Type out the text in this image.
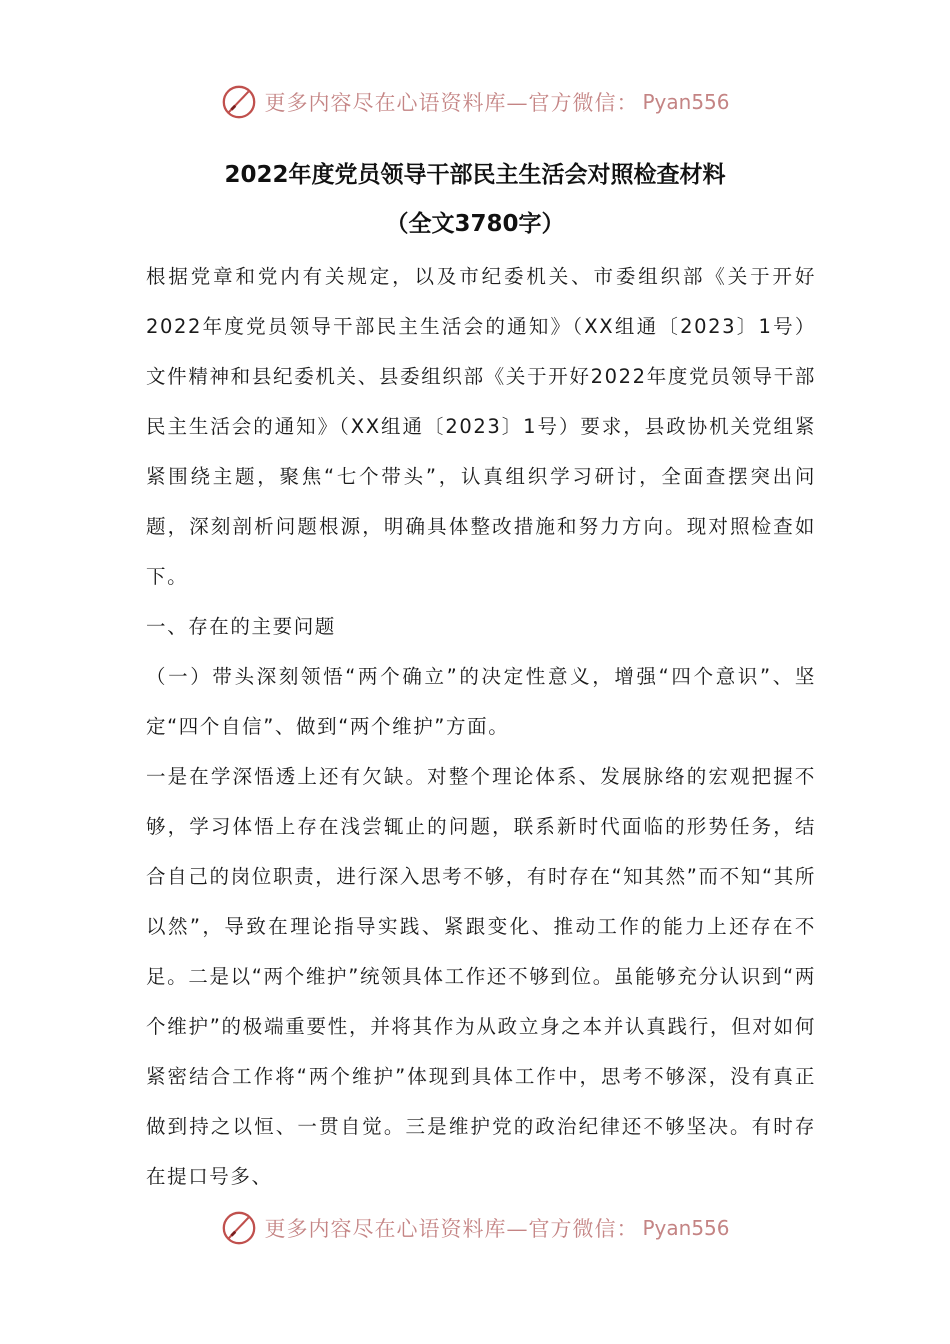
更多内容尽在心语资料库—官方微信： Pyan556
2022年度党员领导干部民主生活会对照检查材料
（全文3780字）

根据党章和党内有关规定，以及市纪委机关、市委组织部《关于开好2022年度党员领导干部民主生活会的通知》（XX组通〔2023〕1号）文件精神和县纪委机关、县委组织部《关于开好2022年度党员领导干部民主生活会的通知》（XX组通〔2023〕1号）要求，县政协机关党组紧紧围绕主题，聚焦“七个带头”，认真组织学习研讨，全面查摆突出问题，深刻剖析问题根源，明确具体整改措施和努力方向。现对照检查如下。

一、存在的主要问题

（一）带头深刻领悟“两个确立”的决定性意义，增强“四个意识”、坚定“四个自信”、做到“两个维护”方面。

一是在学深悟透上还有欠缺。对整个理论体系、发展脉络的宏观把握不够，学习体悟上存在浅尝辄止的问题，联系新时代面临的形势任务，结合自己的岗位职责，进行深入思考不够，有时存在“知其然”而不知“其所以然”，导致在理论指导实践、紧跟变化、推动工作的能力上还存在不足。二是以“两个维护”统领具体工作还不够到位。虽能够充分认识到“两个维护”的极端重要性，并将其作为从政立身之本并认真践行，但对如何紧密结合工作将“两个维护”体现到具体工作中，思考不够深，没有真正做到持之以恒、一贯自觉。三是维护党的政治纪律还不够坚决。有时存在提口号多、

更多内容尽在心语资料库—官方微信： Pyan556
